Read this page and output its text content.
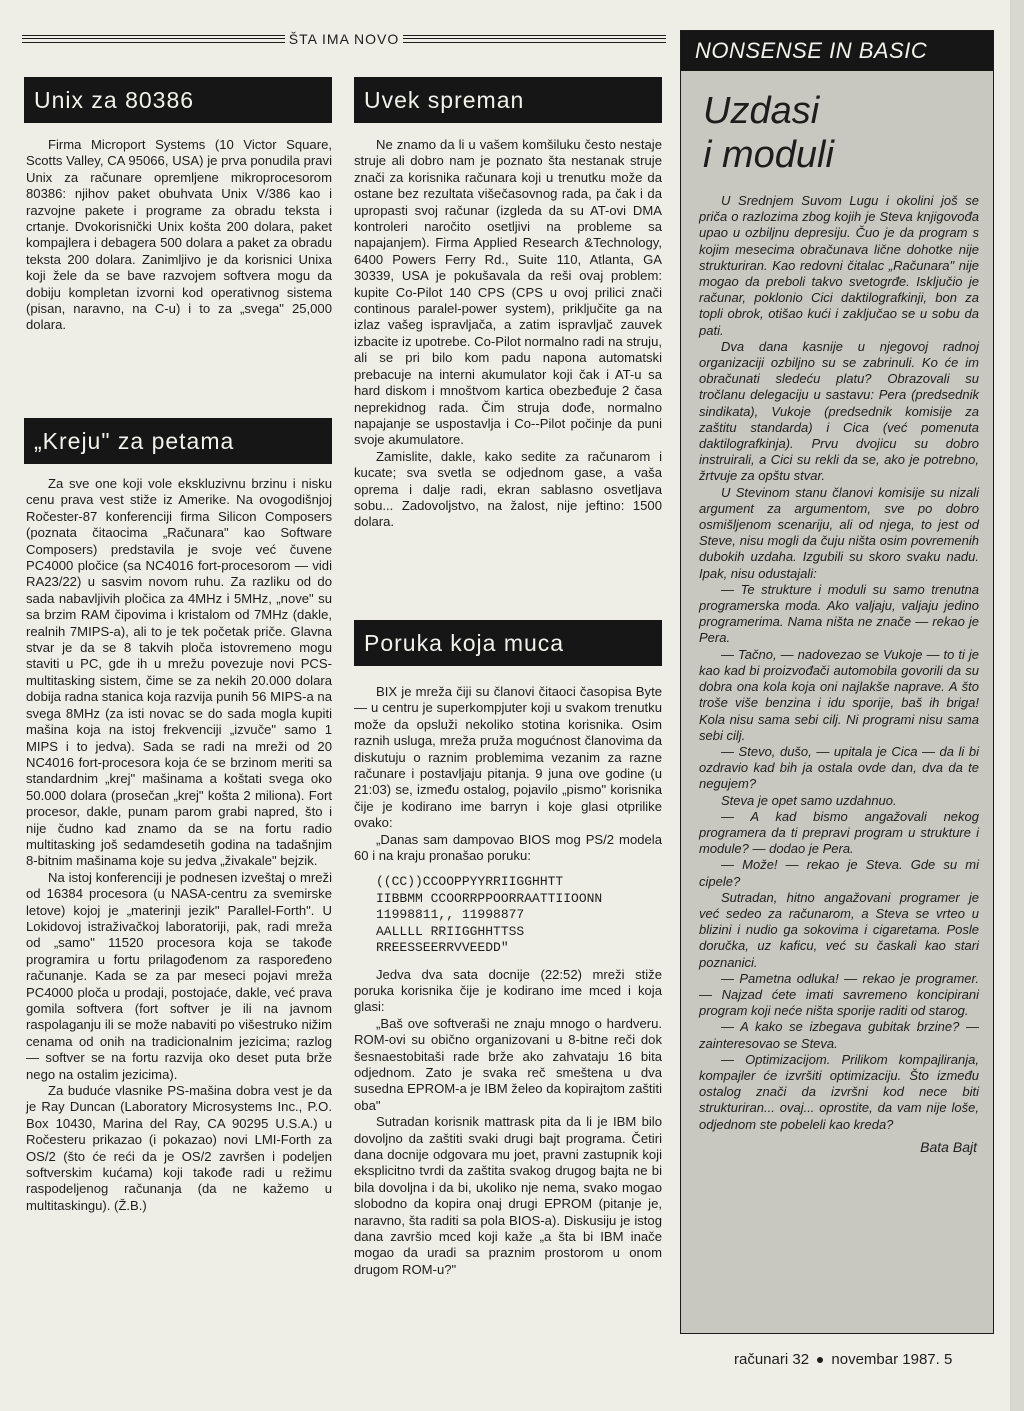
ŠTA IMA NOVO
Unix za 80386

Firma Microport Systems (10 Victor Square, Scotts Valley, CA 95066, USA) je prva ponudila pravi Unix za računare opremljene mikroprocesorom 80386: njihov paket obuhvata Unix V/386 kao i razvojne pakete i programe za obradu teksta i crtanje. Dvokorisnički Unix košta 200 dolara, paket kompajlera i debagera 500 dolara a paket za obradu teksta 200 dolara. Zanimljivo je da korisnici Unixa koji žele da se bave razvojem softvera mogu da dobiju kompletan izvorni kod operativnog sistema (pisan, naravno, na C-u) i to za „svega" 25,000 dolara.

„Kreju" za petama

Za sve one koji vole ekskluzivnu brzinu i nisku cenu prava vest stiže iz Amerike. Na ovogodišnjoj Ročester-87 konferenciji firma Silicon Composers (poznata čitaocima „Računara" kao Software Composers) predstavila je svoje već čuvene PC4000 pločice (sa NC4016 fort-procesorom — vidi RA23/22) u sasvim novom ruhu. Za razliku od do sada nabavljivih pločica za 4MHz i 5MHz, „nove" su sa brzim RAM čipovima i kristalom od 7MHz (dakle, realnih 7MIPS-a), ali to je tek početak priče. Glavna stvar je da se 8 takvih ploča istovremeno mogu staviti u PC, gde ih u mrežu povezuje novi PCS-multitasking sistem, čime se za nekih 20.000 dolara dobija radna stanica koja razvija punih 56 MIPS-a na svega 8MHz (za isti novac se do sada mogla kupiti mašina koja na istoj frekvenciji „izvuče" samo 1 MIPS i to jedva). Sada se radi na mreži od 20 NC4016 fort-procesora koja će se brzinom meriti sa standardnim „krej" mašinama a koštati svega oko 50.000 dolara (prosečan „krej" košta 2 miliona). Fort procesor, dakle, punam parom grabi napred, što i nije čudno kad znamo da se na fortu radio multitasking još sedamdesetih godina na tadašnjim 8-bitnim mašinama koje su jedva „živakale" bejzik.

Na istoj konferenciji je podnesen izveštaj o mreži od 16384 procesora (u NASA-centru za svemirske letove) kojoj je „materinji jezik" Parallel-Forth". U Lokidovoj istraživačkoj laboratoriji, pak, radi mreža od „samo" 11520 procesora koja se takođe programira u fortu prilagođenom za raspoređeno računanje. Kada se za par meseci pojavi mreža PC4000 ploča u prodaji, postojaće, dakle, već prava gomila softvera (fort softver je ili na javnom raspolaganju ili se može nabaviti po višestruko nižim cenama od onih na tradicionalnim jezicima; razlog — softver se na fortu razvija oko deset puta brže nego na ostalim jezicima).

Za buduće vlasnike PS-mašina dobra vest je da je Ray Duncan (Laboratory Microsystems Inc., P.O. Box 10430, Marina del Ray, CA 90295 U.S.A.) u Ročesteru prikazao (i pokazao) novi LMI-Forth za OS/2 (što će reći da je OS/2 završen i podeljen softverskim kućama) koji takođe radi u režimu raspodeljenog računanja (da ne kažemo u multitaskingu). (Ž.B.)

Uvek spreman

Ne znamo da li u vašem komšiluku često nestaje struje ali dobro nam je poznato šta nestanak struje znači za korisnika računara koji u trenutku može da ostane bez rezultata višečasovnog rada, pa čak i da upropasti svoj računar (izgleda da su AT-ovi DMA kontroleri naročito osetljivi na probleme sa napajanjem). Firma Applied Research &Technology, 6400 Powers Ferry Rd., Suite 110, Atlanta, GA 30339, USA je pokušavala da reši ovaj problem: kupite Co-Pilot 140 CPS (CPS u ovoj prilici znači continous paralel-power system), priključite ga na izlaz vašeg ispravljača, a zatim ispravljač zauvek izbacite iz upotrebe. Co-Pilot normalno radi na struju, ali se pri bilo kom padu napona automatski prebacuje na interni akumulator koji čak i AT-u sa hard diskom i mnoštvom kartica obezbeđuje 2 časa neprekidnog rada. Čim struja dođe, normalno napajanje se uspostavlja i Co--Pilot počinje da puni svoje akumulatore.

Zamislite, dakle, kako sedite za računarom i kucate; sva svetla se odjednom gase, a vaša oprema i dalje radi, ekran sablasno osvetljava sobu... Zadovoljstvo, na žalost, nije jeftino: 1500 dolara.

Poruka koja muca

BIX je mreža čiji su članovi čitaoci časopisa Byte — u centru je superkompjuter koji u svakom trenutku može da opsluži nekoliko stotina korisnika. Osim raznih usluga, mreža pruža mogućnost članovima da diskutuju o raznim problemima vezanim za razne računare i postavljaju pitanja. 9 juna ove godine (u 21:03) se, između ostalog, pojavilo „pismo" korisnika čije je kodirano ime barryn i koje glasi otprilike ovako:

„Danas sam dampovao BIOS mog PS/2 modela 60 i na kraju pronašao poruku:

((CC))CCOOPPYYRRIIGGHHTT
IIBBMM CCOORRPPOORRAATTIIOONN
11998811,, 11998877
AALLLL RRIIGGHHTTSS
RREESSEERRVVEEDD"

Jedva dva sata docnije (22:52) mreži stiže poruka korisnika čije je kodirano ime mced i koja glasi:

„Baš ove softveraši ne znaju mnogo o hardveru. ROM-ovi su obično organizovani u 8-bitne reči dok šesnaestobitaši rade brže ako zahvataju 16 bita odjednom. Zato je svaka reč smeštena u dva susedna EPROM-a je IBM želeo da kopirajtom zaštiti oba"

Sutradan korisnik mattrask pita da li je IBM bilo dovoljno da zaštiti svaki drugi bajt programa. Četiri dana docnije odgovara mu joet, pravni zastupnik koji eksplicitno tvrdi da zaštita svakog drugog bajta ne bi bila dovoljna i da bi, ukoliko nje nema, svako mogao slobodno da kopira onaj drugi EPROM (pitanje je, naravno, šta raditi sa pola BIOS-a). Diskusiju je istog dana završio mced koji kaže „a šta bi IBM inače mogao da uradi sa praznim prostorom u onom drugom ROM-u?"

NONSENSE IN BASIC
Uzdasi
i moduli

U Srednjem Suvom Lugu i okolini još se priča o razlozima zbog kojih je Steva knjigovođa upao u ozbiljnu depresiju. Čuo je da program s kojim mesecima obračunava lične dohotke nije strukturiran. Kao redovni čitalac „Računara" nije mogao da preboli takvo svetogrđe. Isključio je računar, poklonio Cici daktilografkinji, bon za topli obrok, otišao kući i zaključao se u sobu da pati.

Dva dana kasnije u njegovoj radnoj organizaciji ozbiljno su se zabrinuli. Ko će im obračunati sledeću platu? Obrazovali su tročlanu delegaciju u sastavu: Pera (predsednik sindikata), Vukoje (predsednik komisije za zaštitu standarda) i Cica (već pomenuta daktilografkinja). Prvu dvojicu su dobro instruirali, a Cici su rekli da se, ako je potrebno, žrtvuje za opštu stvar.

U Stevinom stanu članovi komisije su nizali argument za argumentom, sve po dobro osmišljenom scenariju, ali od njega, to jest od Steve, nisu mogli da čuju ništa osim povremenih dubokih uzdaha. Izgubili su skoro svaku nadu. Ipak, nisu odustajali:

— Te strukture i moduli su samo trenutna programerska moda. Ako valjaju, valjaju jedino programerima. Nama ništa ne znače — rekao je Pera.

— Tačno, — nadovezao se Vukoje — to ti je kao kad bi proizvođači automobila govorili da su dobra ona kola koja oni najlakše naprave. A što troše više benzina i idu sporije, baš ih briga! Kola nisu sama sebi cilj. Ni programi nisu sama sebi cilj.

— Stevo, dušo, — upitala je Cica — da li bi ozdravio kad bih ja ostala ovde dan, dva da te negujem?

Steva je opet samo uzdahnuo.

— A kad bismo angažovali nekog programera da ti prepravi program u strukture i module? — dodao je Pera.

— Može! — rekao je Steva. Gde su mi cipele?

Sutradan, hitno angažovani programer je već sedeo za računarom, a Steva se vrteo u blizini i nudio ga sokovima i cigaretama. Posle doručka, uz kaficu, već su časkali kao stari poznanici.

— Pametna odluka! — rekao je programer. — Najzad ćete imati savremeno koncipirani program koji neće ništa sporije raditi od starog.

— A kako se izbegava gubitak brzine? — zainteresovao se Steva.

— Optimizacijom. Prilikom kompajliranja, kompajler će izvršiti optimizaciju. Što između ostalog znači da izvršni kod nece biti strukturiran... ovaj... oprostite, da vam nije loše, odjednom ste pobeleli kao kreda?

Bata Bajt
računari 32 novembar 1987. 5
